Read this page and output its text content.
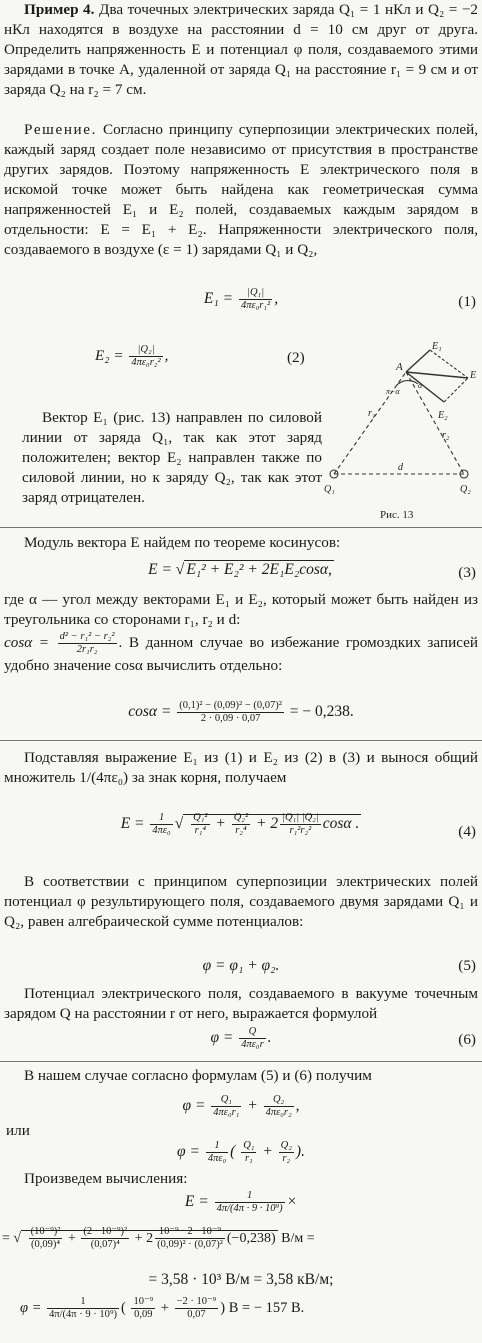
Пример 4. Два точечных электрических заряда Q₁ = 1 нКл и Q₂ = −2 нКл находятся в воздухе на расстоянии d = 10 см друг от друга. Определить напряженность E и потенциал φ поля, создаваемого этими зарядами в точке A, удаленной от заряда Q₁ на расстояние r₁ = 9 см и от заряда Q₂ на r₂ = 7 см.

Решение. Согласно принципу суперпозиции электрических полей, каждый заряд создает поле независимо от присутствия в пространстве других зарядов. Поэтому напряженность E электрического поля в искомой точке может быть найдена как геометрическая сумма напряженностей E₁ и E₂ полей, создаваемых каждым зарядом в отдельности: E = E₁ + E₂. Напряженности электрического поля, создаваемого в воздухе (ε = 1) зарядами Q₁ и Q₂,

$E_1 = \frac{\text{|Q₁|}}{\text{4πε₀r₁²}}$ ,	(1)
$E_2 = \frac{\text{|Q₂|}}{\text{4πε₀r₂²}}$ ,	(2)

Вектор E₁ (рис. 13) направлен по силовой линии от заряда Q₁, так как этот заряд положителен; вектор E₂ направлен также по силовой линии, но к заряду Q₂, так как этот заряд отрицателен.

A
E₁
E
E₂
r₁
r₂
d
α
π−α
Q₁	Q₂
Рис. 13

Модуль вектора E найдем по теореме косинусов:

E = √ E₁² + E₂² + 2E₁E₂cosα,	(3)

где α — угол между векторами E₁ и E₂, который может быть найден из треугольника со сторонами r₁, r₂ и d:

$\cos\alpha = \frac{\text{d² − r₁² − r₂²}}{\text{2r₁r₂}}$ . В данном случае во избежание громоздких записей удобно значение cosα вычислить отдельно:

$\cos\alpha = \frac{\text{(0,1)² − (0,09)² − (0,07)²}}{2 \cdot 0,09 \cdot 0,07}$ = − 0,238.

Подставляя выражение E₁ из (1) и E₂ из (2) в (3) и вынося общий множитель 1/(4πε₀) за знак корня, получаем

$E = \frac{1}{\text{4πε₀}}$ √ $\frac{\text{Q₁²}}{\text{r₁⁴}} + \frac{\text{Q₂²}}{\text{r₂⁴}} + 2 \frac{\text{|Q₁| |Q₂|}}{\text{r₁²r₂²}}$ cosα .	(4)

В соответствии с принципом суперпозиции электрических полей потенциал φ результирующего поля, создаваемого двумя зарядами Q₁ и Q₂, равен алгебраической сумме потенциалов:

φ = φ₁ + φ₂.	(5)

Потенциал электрического поля, создаваемого в вакууме точечным зарядом Q на расстоянии r от него, выражается формулой

$\varphi = \frac{Q}{\text{4πε₀r}}$ .	(6)

В нашем случае согласно формулам (5) и (6) получим

$\varphi = \frac{\text{Q₁}}{\text{4πε₀r₁}} + \frac{\text{Q₂}}{\text{4πε₀r₂}}$ ,
или
$\varphi = \frac{1}{\text{4πε₀}}$ ( $\frac{\text{Q₁}}{\text{r₁}} + \frac{\text{Q₂}}{\text{r₂}}$ ).

Произведем вычисления:

$E = \frac{1}{\text{4π/(4π · 9 · 10⁹)}}$ ×
= √ $\frac{\text{(10⁻⁹)²}}{\text{(0,09)⁴}} + \frac{\text{(2 · 10⁻⁹)²}}{\text{(0,07)⁴}} + 2 \frac{\text{10⁻⁹ · 2 · 10⁻⁹}}{\text{(0,09)² · (0,07)²}} (-0,238) В/м$ =
= 3,58 · 10³ В/м = 3,58 кВ/м;
$\varphi = \frac{1}{\text{4π/(4π · 9 · 10⁹)}}$ ( $\frac{\text{10⁻⁹}}{0,09} + \frac{\text{−2 · 10⁻⁹}}{0,07}$ ) В = − 157 В.
